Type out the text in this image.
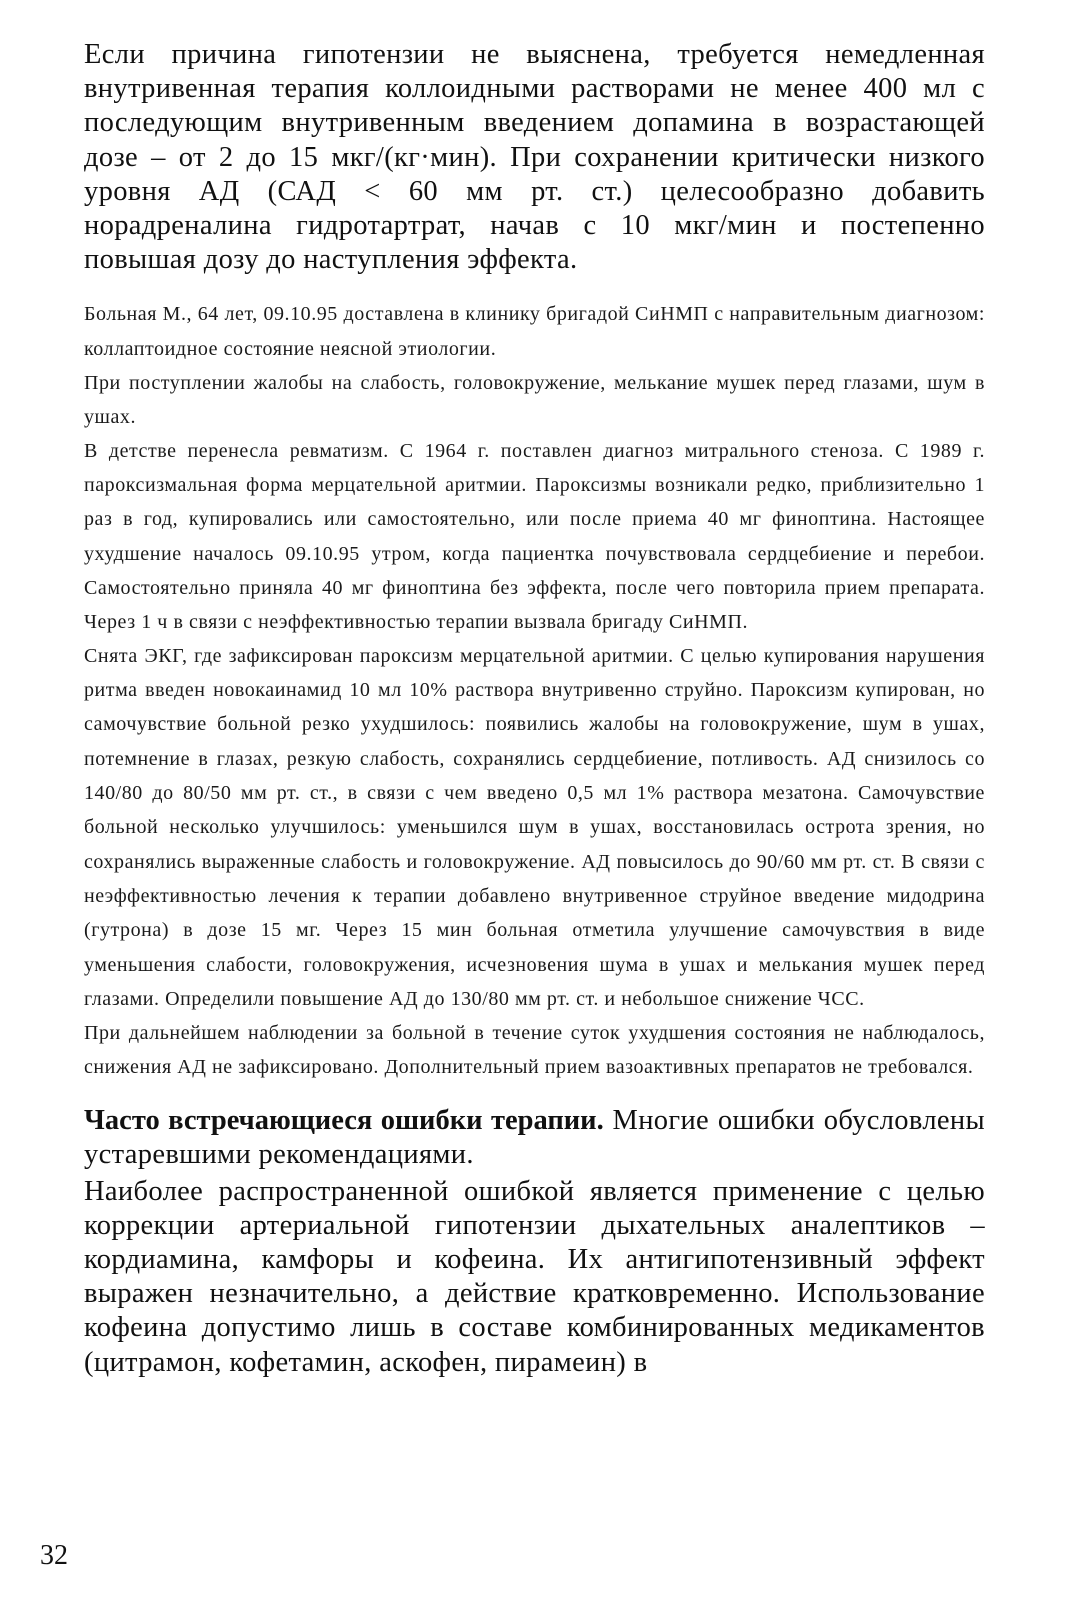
Если причина гипотензии не выяснена, требуется немедленная внутривенная терапия коллоидными растворами не менее 400 мл с последующим внутривенным введением допамина в возрастающей дозе – от 2 до 15 мкг/(кг·мин). При сохранении критически низкого уровня АД (САД < 60 мм рт. ст.) целесообразно добавить норадреналина гидротартрат, начав с 10 мкг/мин и постепенно повышая дозу до наступления эффекта.

Больная М., 64 лет, 09.10.95 доставлена в клинику бригадой СиНМП с направительным диагнозом: коллаптоидное состояние неясной этиологии.

При поступлении жалобы на слабость, головокружение, мелькание мушек перед глазами, шум в ушах.

В детстве перенесла ревматизм. С 1964 г. поставлен диагноз митрального стеноза. С 1989 г. пароксизмальная форма мерцательной аритмии. Пароксизмы возникали редко, приблизительно 1 раз в год, купировались или самостоятельно, или после приема 40 мг финоптина. Настоящее ухудшение началось 09.10.95 утром, когда пациентка почувствовала сердцебиение и перебои. Самостоятельно приняла 40 мг финоптина без эффекта, после чего повторила прием препарата. Через 1 ч в связи с неэффективностью терапии вызвала бригаду СиНМП.

Снята ЭКГ, где зафиксирован пароксизм мерцательной аритмии. С целью купирования нарушения ритма введен новокаинамид 10 мл 10% раствора внутривенно струйно. Пароксизм купирован, но самочувствие больной резко ухудшилось: появились жалобы на головокружение, шум в ушах, потемнение в глазах, резкую слабость, сохранялись сердцебиение, потливость. АД снизилось со 140/80 до 80/50 мм рт. ст., в связи с чем введено 0,5 мл 1% раствора мезатона. Самочувствие больной несколько улучшилось: уменьшился шум в ушах, восстановилась острота зрения, но сохранялись выраженные слабость и головокружение. АД повысилось до 90/60 мм рт. ст. В связи с неэффективностью лечения к терапии добавлено внутривенное струйное введение мидодрина (гутрона) в дозе 15 мг. Через 15 мин больная отметила улучшение самочувствия в виде уменьшения слабости, головокружения, исчезновения шума в ушах и мелькания мушек перед глазами. Определили повышение АД до 130/80 мм рт. ст. и небольшое снижение ЧСС.

При дальнейшем наблюдении за больной в течение суток ухудшения состояния не наблюдалось, снижения АД не зафиксировано. Дополнительный прием вазоактивных препаратов не требовался.

Часто встречающиеся ошибки терапии. Многие ошибки обусловлены устаревшими рекомендациями.

Наиболее распространенной ошибкой является применение с целью коррекции артериальной гипотензии дыхательных аналептиков – кордиамина, камфоры и кофеина. Их антигипотензивный эффект выражен незначительно, а действие кратковременно. Использование кофеина допустимо лишь в составе комбинированных медикаментов (цитрамон, кофетамин, аскофен, пирамеин) в

32
